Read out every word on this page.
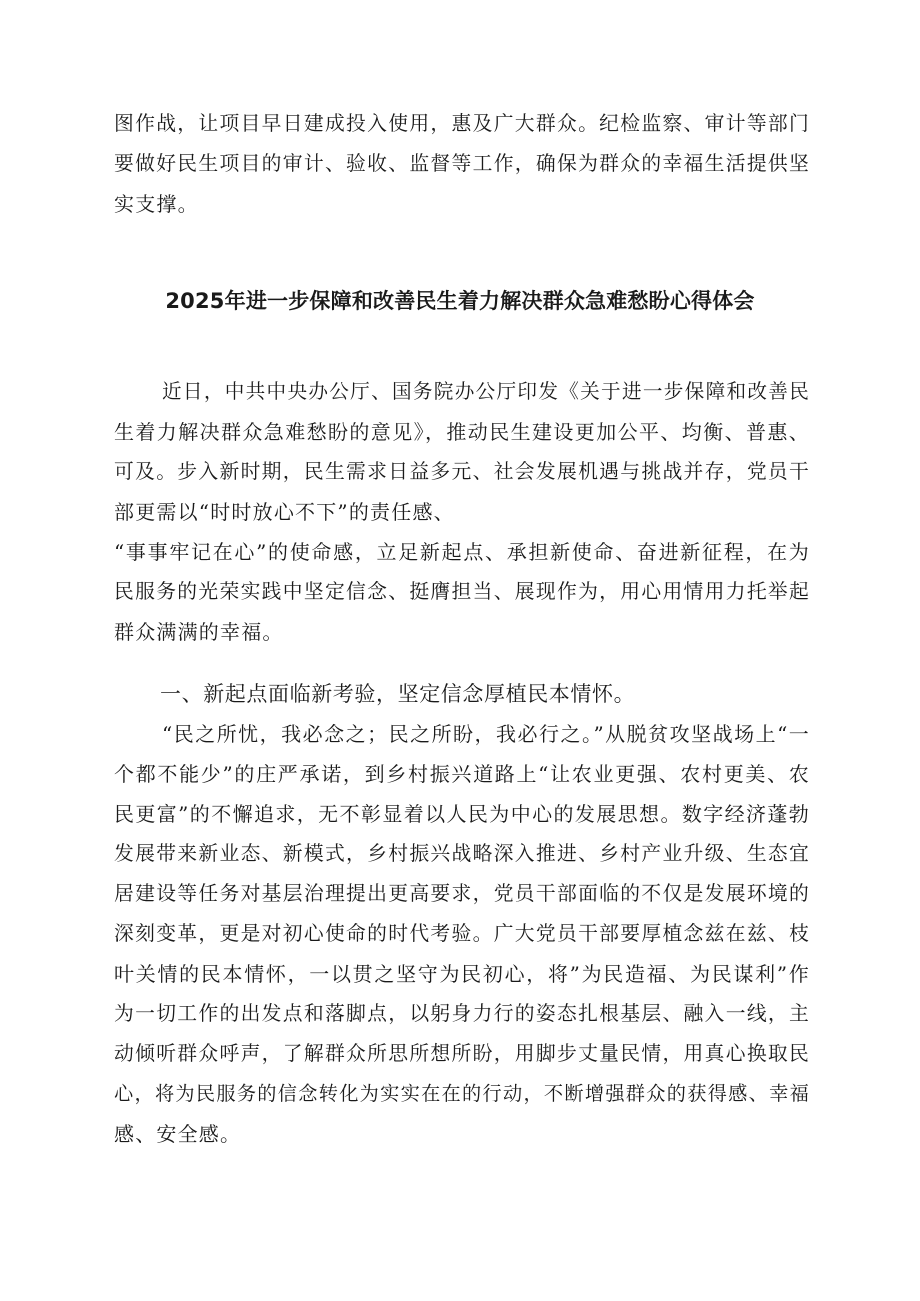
图作战，让项目早日建成投入使用，惠及广大群众。纪检监察、审计等部门
要做好民生项目的审计、验收、监督等工作，确保为群众的幸福生活提供坚
实支撑。
2025年进一步保障和改善民生着力解决群众急难愁盼心得体会
近日，中共中央办公厅、国务院办公厅印发《关于进一步保障和改善民
生着力解决群众急难愁盼的意见》，推动民生建设更加公平、均衡、普惠、
可及。步入新时期，民生需求日益多元、社会发展机遇与挑战并存，党员干
部更需以“时时放心不下”的责任感、
“事事牢记在心”的使命感，立足新起点、承担新使命、奋进新征程，在为
民服务的光荣实践中坚定信念、挺膺担当、展现作为，用心用情用力托举起
群众满满的幸福。
一、新起点面临新考验，坚定信念厚植民本情怀。
“民之所忧，我必念之；民之所盼，我必行之。”从脱贫攻坚战场上“一
个都不能少”的庄严承诺，到乡村振兴道路上“让农业更强、农村更美、农
民更富”的不懈追求，无不彰显着以人民为中心的发展思想。数字经济蓬勃
发展带来新业态、新模式，乡村振兴战略深入推进、乡村产业升级、生态宜
居建设等任务对基层治理提出更高要求，党员干部面临的不仅是发展环境的
深刻变革，更是对初心使命的时代考验。广大党员干部要厚植念兹在兹、枝
叶关情的民本情怀，一以贯之坚守为民初心，将”为民造福、为民谋利”作
为一切工作的出发点和落脚点，以躬身力行的姿态扎根基层、融入一线，主
动倾听群众呼声，了解群众所思所想所盼，用脚步丈量民情，用真心换取民
心，将为民服务的信念转化为实实在在的行动，不断增强群众的获得感、幸福
感、安全感。
